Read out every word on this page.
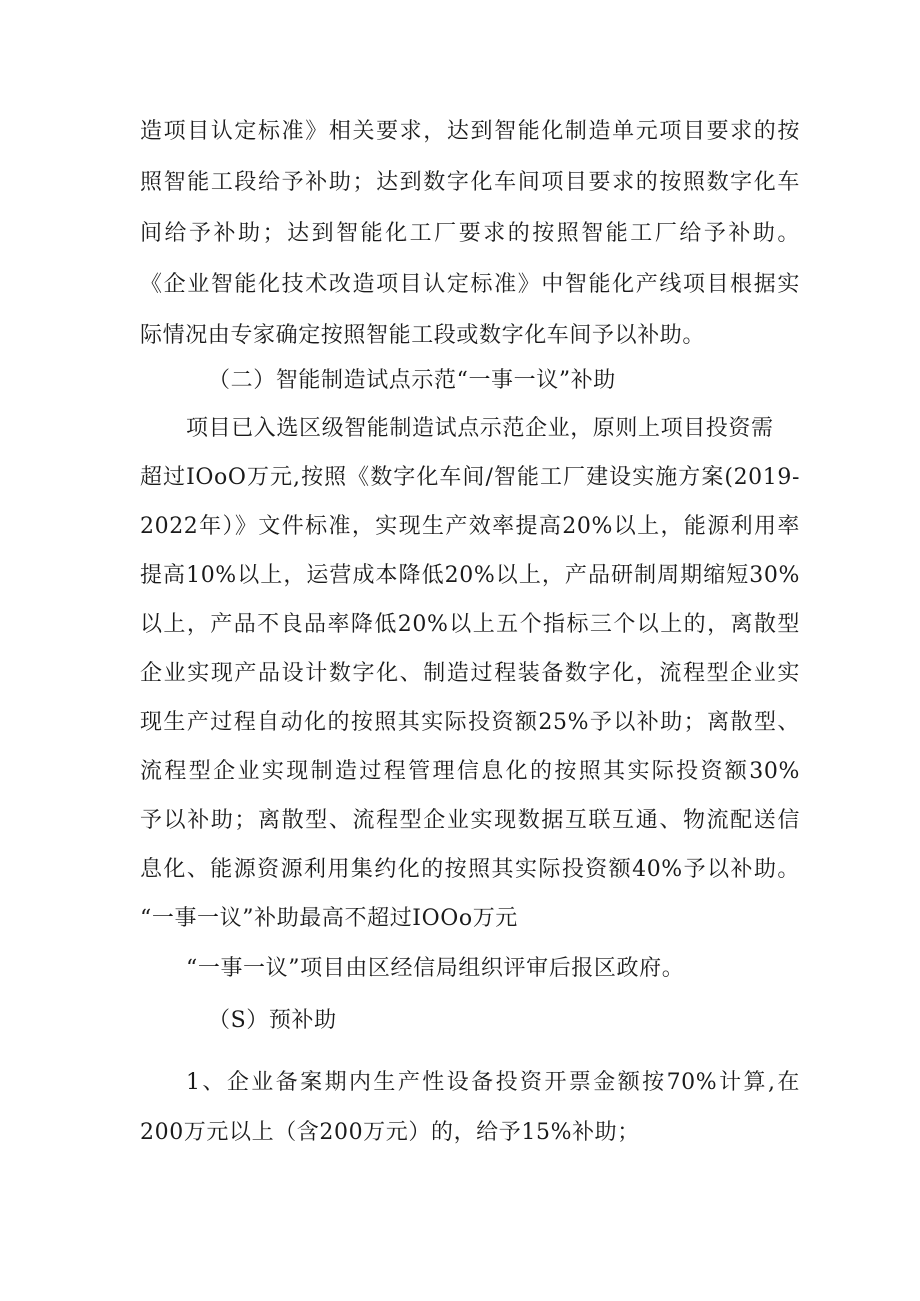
造项目认定标准》相关要求，达到智能化制造单元项目要求的按
照智能工段给予补助；达到数字化车间项目要求的按照数字化车
间给予补助；达到智能化工厂要求的按照智能工厂给予补助。
《企业智能化技术改造项目认定标准》中智能化产线项目根据实
际情况由专家确定按照智能工段或数字化车间予以补助。
（二）智能制造试点示范“一事一议”补助
项目已入选区级智能制造试点示范企业，原则上项目投资需
超过IOoO万元,按照《数字化车间/智能工厂建设实施方案(2019-
2022年）》文件标准，实现生产效率提高20%以上，能源利用率
提高10%以上，运营成本降低20%以上，产品研制周期缩短30%
以上，产品不良品率降低20%以上五个指标三个以上的，离散型
企业实现产品设计数字化、制造过程装备数字化，流程型企业实
现生产过程自动化的按照其实际投资额25%予以补助；离散型、
流程型企业实现制造过程管理信息化的按照其实际投资额30%
予以补助；离散型、流程型企业实现数据互联互通、物流配送信
息化、能源资源利用集约化的按照其实际投资额40%予以补助。
“一事一议”补助最高不超过IOOo万元
“一事一议”项目由区经信局组织评审后报区政府。
（S）预补助
1、企业备案期内生产性设备投资开票金额按70%计算,在
200万元以上（含200万元）的，给予15%补助；
